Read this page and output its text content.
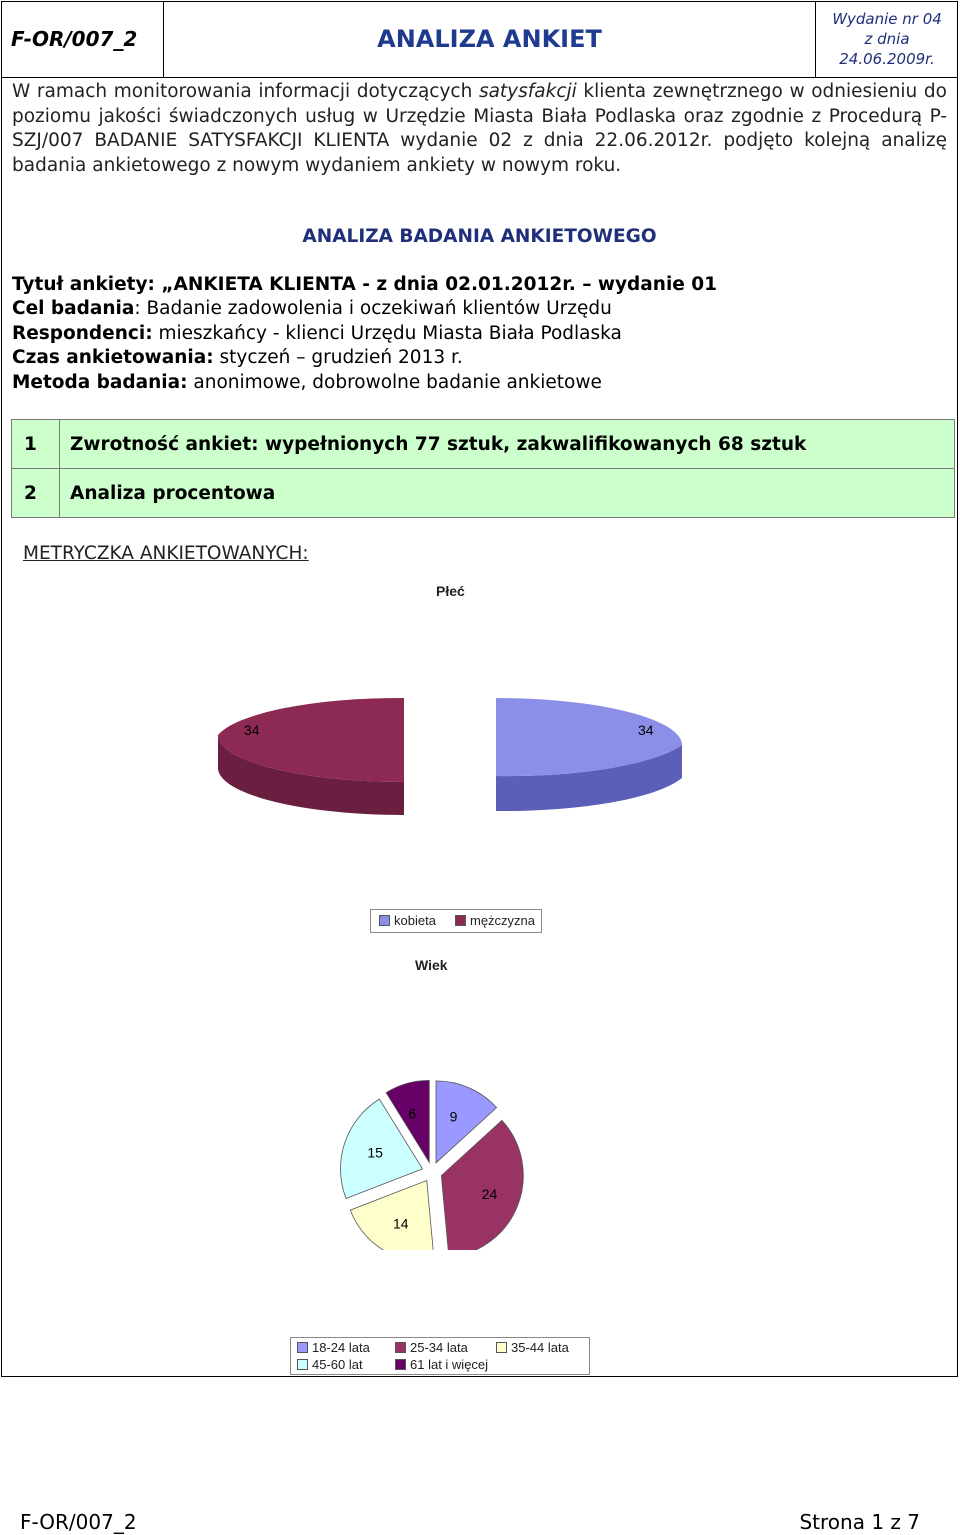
F-OR/007_2	ANALIZA ANKIET
Wydanie nr 04
z dnia
24.06.2009r.
W ramach monitorowania informacji dotyczących satysfakcji klienta zewnętrznego w odniesieniu do poziomu jakości świadczonych usług w Urzędzie Miasta Biała Podlaska oraz zgodnie z Procedurą P-SZJ/007 BADANIE SATYSFAKCJI KLIENTA wydanie 02 z dnia 22.06.2012r. podjęto kolejną analizę badania ankietowego z nowym wydaniem ankiety w nowym roku.
ANALIZA BADANIA ANKIETOWEGO
Tytuł ankiety: „ANKIETA KLIENTA - z dnia 02.01.2012r. – wydanie 01
Cel badania: Badanie zadowolenia i oczekiwań klientów Urzędu
Respondenci: mieszkańcy - klienci Urzędu Miasta Biała Podlaska
Czas ankietowania: styczeń – grudzień 2013 r.
Metoda badania: anonimowe, dobrowolne badanie ankietowe
1	Zwrotność ankiet: wypełnionych 77 sztuk, zakwalifikowanych 68 sztuk
2	Analiza procentowa
METRYCZKA ANKIETOWANYCH:
Płeć
34	34
kobieta	mężczyzna
Wiek
9
24
14
15
6
18-24 lata	25-34 lata	35-44 lata
45-60 lat	61 lat i więcej
F-OR/007_2	Strona 1 z 7
